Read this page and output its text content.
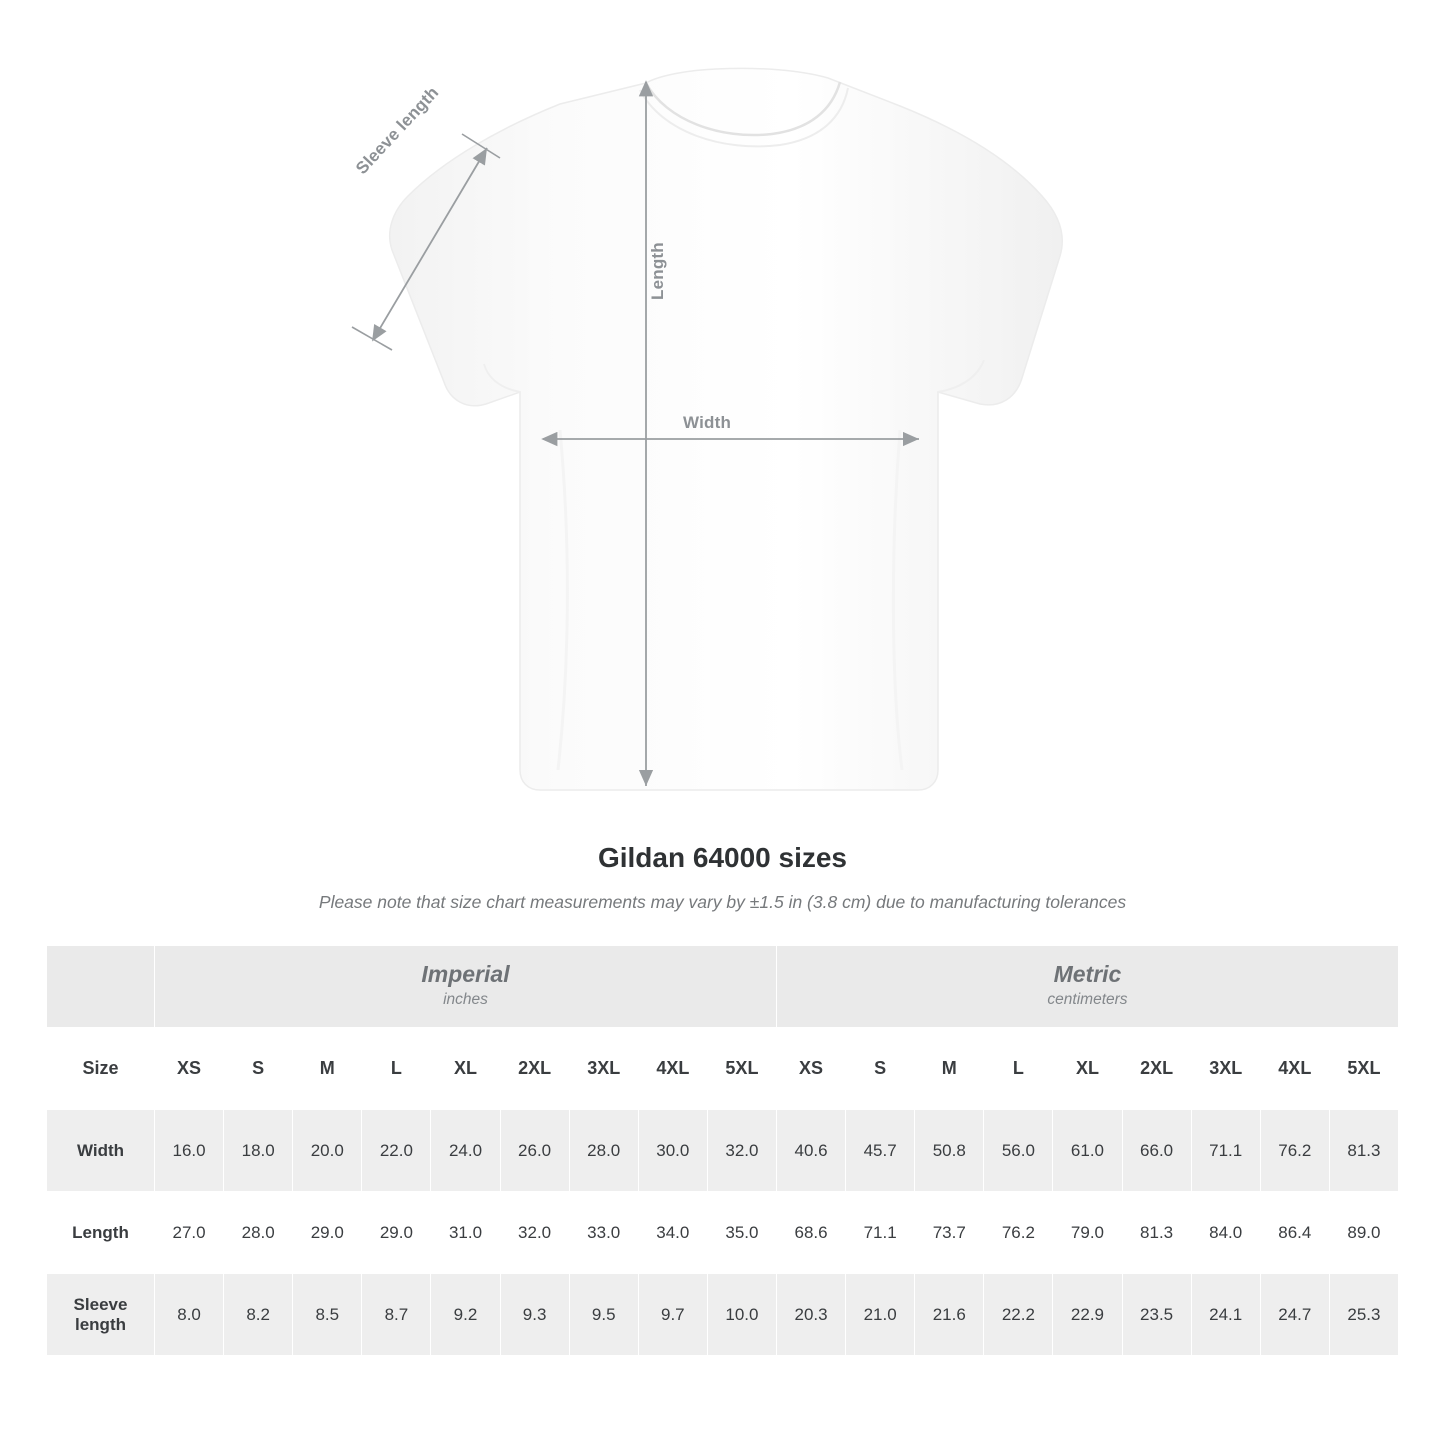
Sleeve length
Length
Width
Gildan 64000 sizes
Please note that size chart measurements may vary by ±1.5 in (3.8 cm) due to manufacturing tolerances

	Imperial
inches									Metric
centimeters								

Size	XS	S	M	L	XL	2XL	3XL	4XL	5XL	XS	S	M	L	XL	2XL	3XL	4XL	5XL
Width	16.0	18.0	20.0	22.0	24.0	26.0	28.0	30.0	32.0	40.6	45.7	50.8	56.0	61.0	66.0	71.1	76.2	81.3
Length	27.0	28.0	29.0	29.0	31.0	32.0	33.0	34.0	35.0	68.6	71.1	73.7	76.2	79.0	81.3	84.0	86.4	89.0
Sleeve length	8.0	8.2	8.5	8.7	9.2	9.3	9.5	9.7	10.0	20.3	21.0	21.6	22.2	22.9	23.5	24.1	24.7	25.3
